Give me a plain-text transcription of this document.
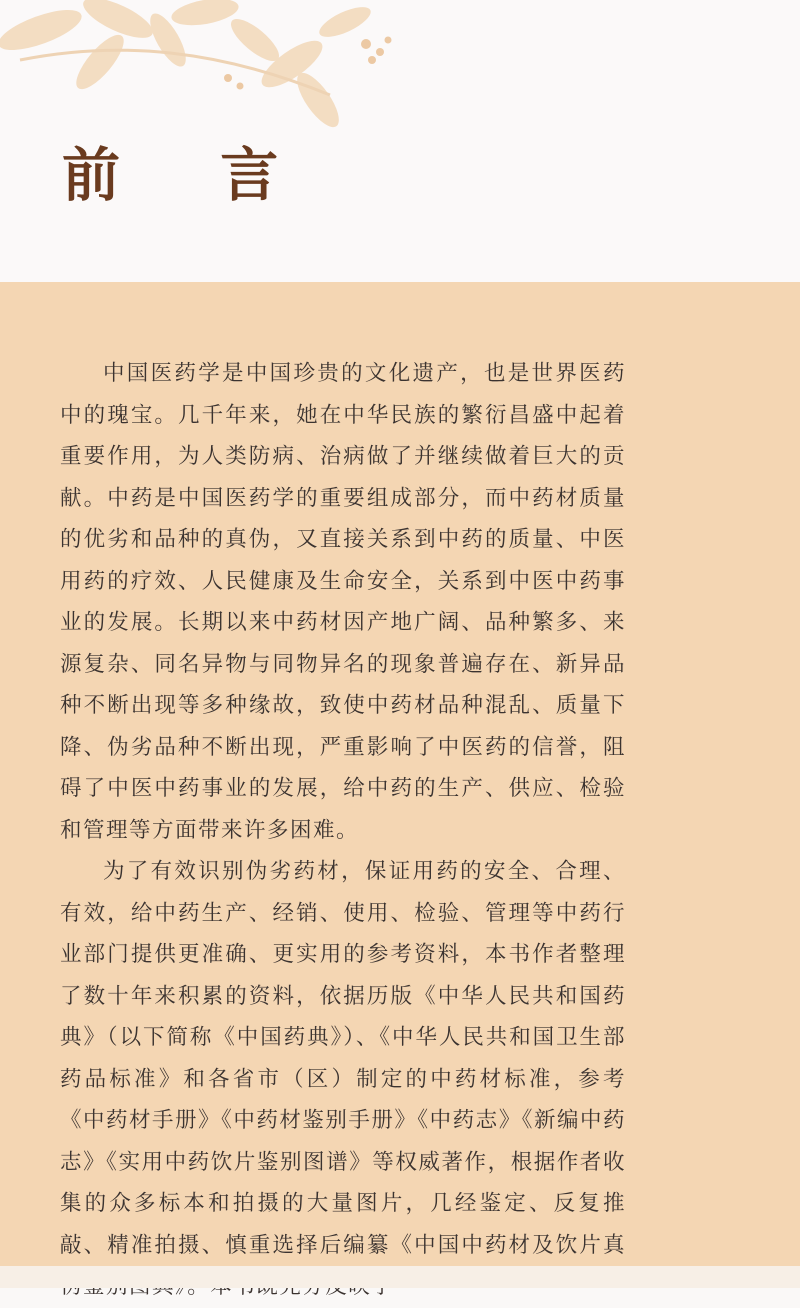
前 言

中国医药学是中国珍贵的文化遗产，也是世界医药中的瑰宝。几千年来，她在中华民族的繁衍昌盛中起着重要作用，为人类防病、治病做了并继续做着巨大的贡献。中药是中国医药学的重要组成部分，而中药材质量的优劣和品种的真伪，又直接关系到中药的质量、中医用药的疗效、人民健康及生命安全，关系到中医中药事业的发展。长期以来中药材因产地广阔、品种繁多、来源复杂、同名异物与同物异名的现象普遍存在、新异品种不断出现等多种缘故，致使中药材品种混乱、质量下降、伪劣品种不断出现，严重影响了中医药的信誉，阻碍了中医中药事业的发展，给中药的生产、供应、检验和管理等方面带来许多困难。

为了有效识别伪劣药材，保证用药的安全、合理、有效，给中药生产、经销、使用、检验、管理等中药行业部门提供更准确、更实用的参考资料，本书作者整理了数十年来积累的资料，依据历版《中华人民共和国药典》（以下简称《中国药典》）、《中华人民共和国卫生部药品标准》和各省市（区）制定的中药材标准，参考《中药材手册》《中药材鉴别手册》《中药志》《新编中药志》《实用中药饮片鉴别图谱》等权威著作，根据作者收集的众多标本和拍摄的大量图片，几经鉴定、反复推敲、精准拍摄、慎重选择后编纂《中国中药材及饮片真
